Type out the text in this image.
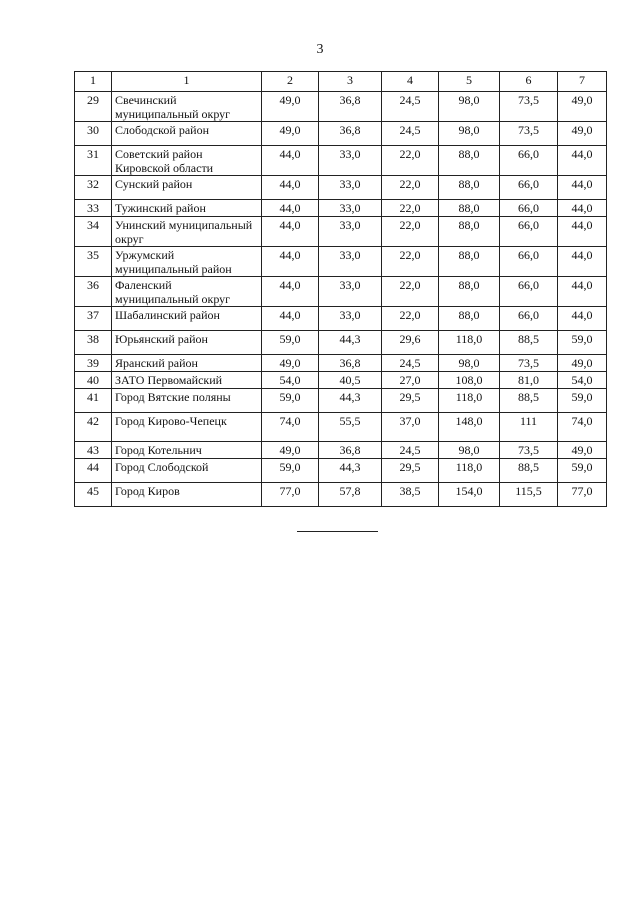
3
1	1	2	3	4	5	6	7
29	Свечинский муниципальный округ	49,0	36,8	24,5	98,0	73,5	49,0
30	Слободской район	49,0	36,8	24,5	98,0	73,5	49,0
31	Советский район Кировской области	44,0	33,0	22,0	88,0	66,0	44,0
32	Сунский район	44,0	33,0	22,0	88,0	66,0	44,0
33	Тужинский район	44,0	33,0	22,0	88,0	66,0	44,0
34	Унинский муниципальный округ	44,0	33,0	22,0	88,0	66,0	44,0
35	Уржумский муниципальный район	44,0	33,0	22,0	88,0	66,0	44,0
36	Фаленский муниципальный округ	44,0	33,0	22,0	88,0	66,0	44,0
37	Шабалинский район	44,0	33,0	22,0	88,0	66,0	44,0
38	Юрьянский район	59,0	44,3	29,6	118,0	88,5	59,0
39	Яранский район	49,0	36,8	24,5	98,0	73,5	49,0
40	ЗАТО Первомайский	54,0	40,5	27,0	108,0	81,0	54,0
41	Город Вятские поляны	59,0	44,3	29,5	118,0	88,5	59,0
42	Город Кирово-Чепецк	74,0	55,5	37,0	148,0	111	74,0
43	Город Котельнич	49,0	36,8	24,5	98,0	73,5	49,0
44	Город Слободской	59,0	44,3	29,5	118,0	88,5	59,0
45	Город Киров	77,0	57,8	38,5	154,0	115,5	77,0
